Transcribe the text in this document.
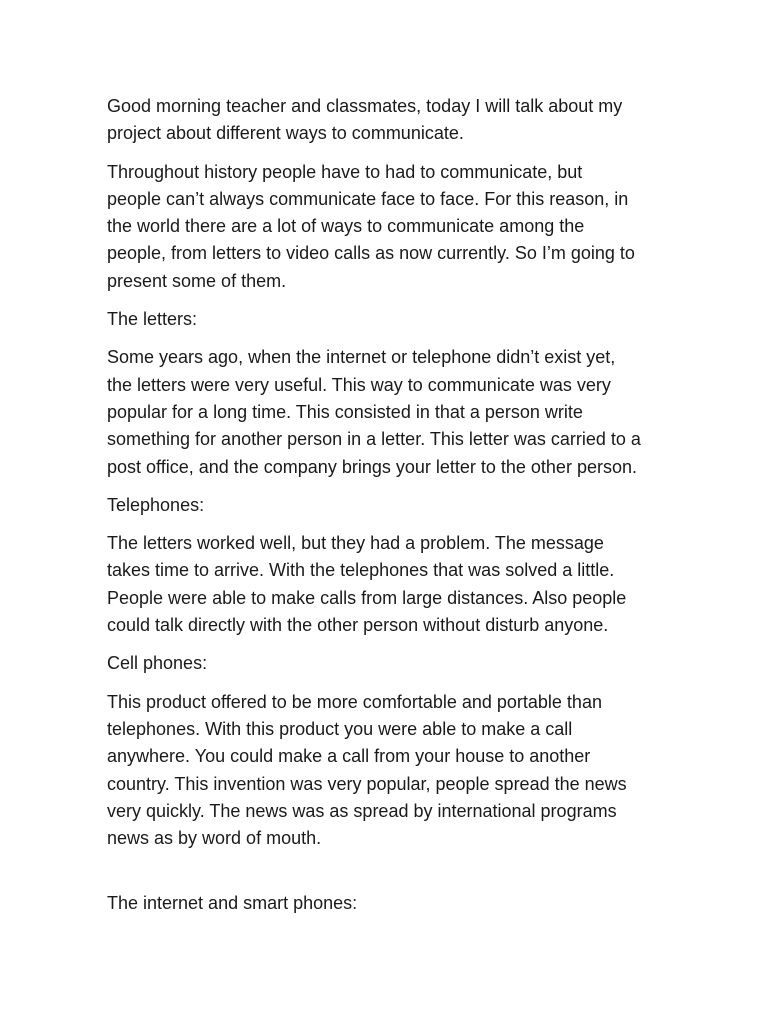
Good morning teacher and classmates, today I will talk about my
project about different ways to communicate.

Throughout history people have to had to communicate, but
people can’t always communicate face to face. For this reason, in
the world there are a lot of ways to communicate among the
people, from letters to video calls as now currently. So I’m going to
present some of them.

The letters:

Some years ago, when the internet or telephone didn’t exist yet,
the letters were very useful. This way to communicate was very
popular for a long time. This consisted in that a person write
something for another person in a letter. This letter was carried to a
post office, and the company brings your letter to the other person.

Telephones:

The letters worked well, but they had a problem. The message
takes time to arrive. With the telephones that was solved a little.
People were able to make calls from large distances. Also people
could talk directly with the other person without disturb anyone.

Cell phones:

This product offered to be more comfortable and portable than
telephones. With this product you were able to make a call
anywhere. You could make a call from your house to another
country. This invention was very popular, people spread the news
very quickly. The news was as spread by international programs
news as by word of mouth.

The internet and smart phones:
